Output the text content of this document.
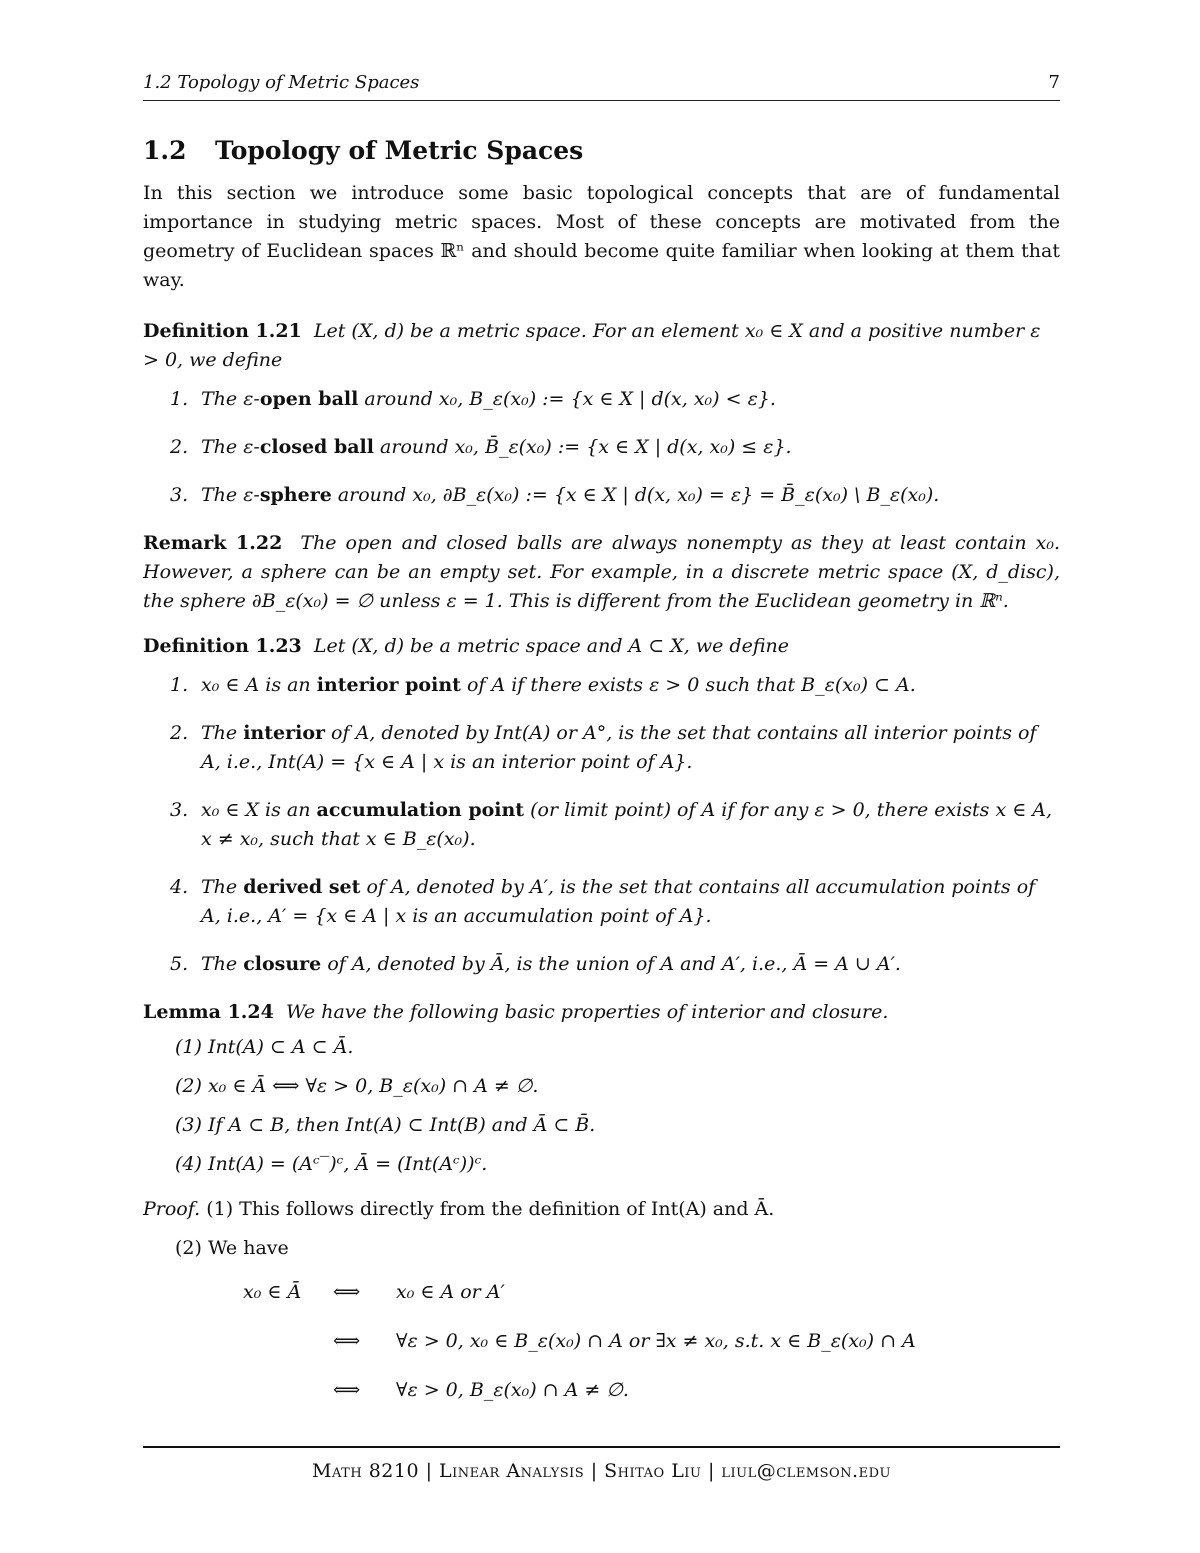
1.2 Topology of Metric Spaces	7
1.2 Topology of Metric Spaces

In this section we introduce some basic topological concepts that are of fundamental importance in studying metric spaces. Most of these concepts are motivated from the geometry of Euclidean spaces ℝⁿ and should become quite familiar when looking at them that way.

Definition 1.21 Let (X, d) be a metric space. For an element x₀ ∈ X and a positive number ε > 0, we define

1. The ε-open ball around x₀, B_ε(x₀) := {x ∈ X | d(x, x₀) < ε}.
2. The ε-closed ball around x₀, B̄_ε(x₀) := {x ∈ X | d(x, x₀) ≤ ε}.
3. The ε-sphere around x₀, ∂B_ε(x₀) := {x ∈ X | d(x, x₀) = ε} = B̄_ε(x₀) \ B_ε(x₀).

Remark 1.22 The open and closed balls are always nonempty as they at least contain x₀. However, a sphere can be an empty set. For example, in a discrete metric space (X, d_disc), the sphere ∂B_ε(x₀) = ∅ unless ε = 1. This is different from the Euclidean geometry in ℝⁿ.

Definition 1.23 Let (X, d) be a metric space and A ⊂ X, we define

1. x₀ ∈ A is an interior point of A if there exists ε > 0 such that B_ε(x₀) ⊂ A.
2. The interior of A, denoted by Int(A) or A°, is the set that contains all interior points of A, i.e., Int(A) = {x ∈ A | x is an interior point of A}.
3. x₀ ∈ X is an accumulation point (or limit point) of A if for any ε > 0, there exists x ∈ A, x ≠ x₀, such that x ∈ B_ε(x₀).
4. The derived set of A, denoted by A′, is the set that contains all accumulation points of A, i.e., A′ = {x ∈ A | x is an accumulation point of A}.
5. The closure of A, denoted by Ā, is the union of A and A′, i.e., Ā = A ∪ A′.

Lemma 1.24 We have the following basic properties of interior and closure.

(1) Int(A) ⊂ A ⊂ Ā.
(2) x₀ ∈ Ā ⟺ ∀ε > 0, B_ε(x₀) ∩ A ≠ ∅.
(3) If A ⊂ B, then Int(A) ⊂ Int(B) and Ā ⊂ B̄.
(4) Int(A) = (Aᶜ‾)ᶜ, Ā = (Int(Aᶜ))ᶜ.
Proof. (1) This follows directly from the definition of Int(A) and Ā.
(2) We have
x₀ ∈ Ā ⟺ x₀ ∈ A or A′
⟺ ∀ε > 0, x₀ ∈ B_ε(x₀) ∩ A or ∃x ≠ x₀, s.t. x ∈ B_ε(x₀) ∩ A
⟺ ∀ε > 0, B_ε(x₀) ∩ A ≠ ∅.
Math 8210 | Linear Analysis | Shitao Liu | liul@clemson.edu
